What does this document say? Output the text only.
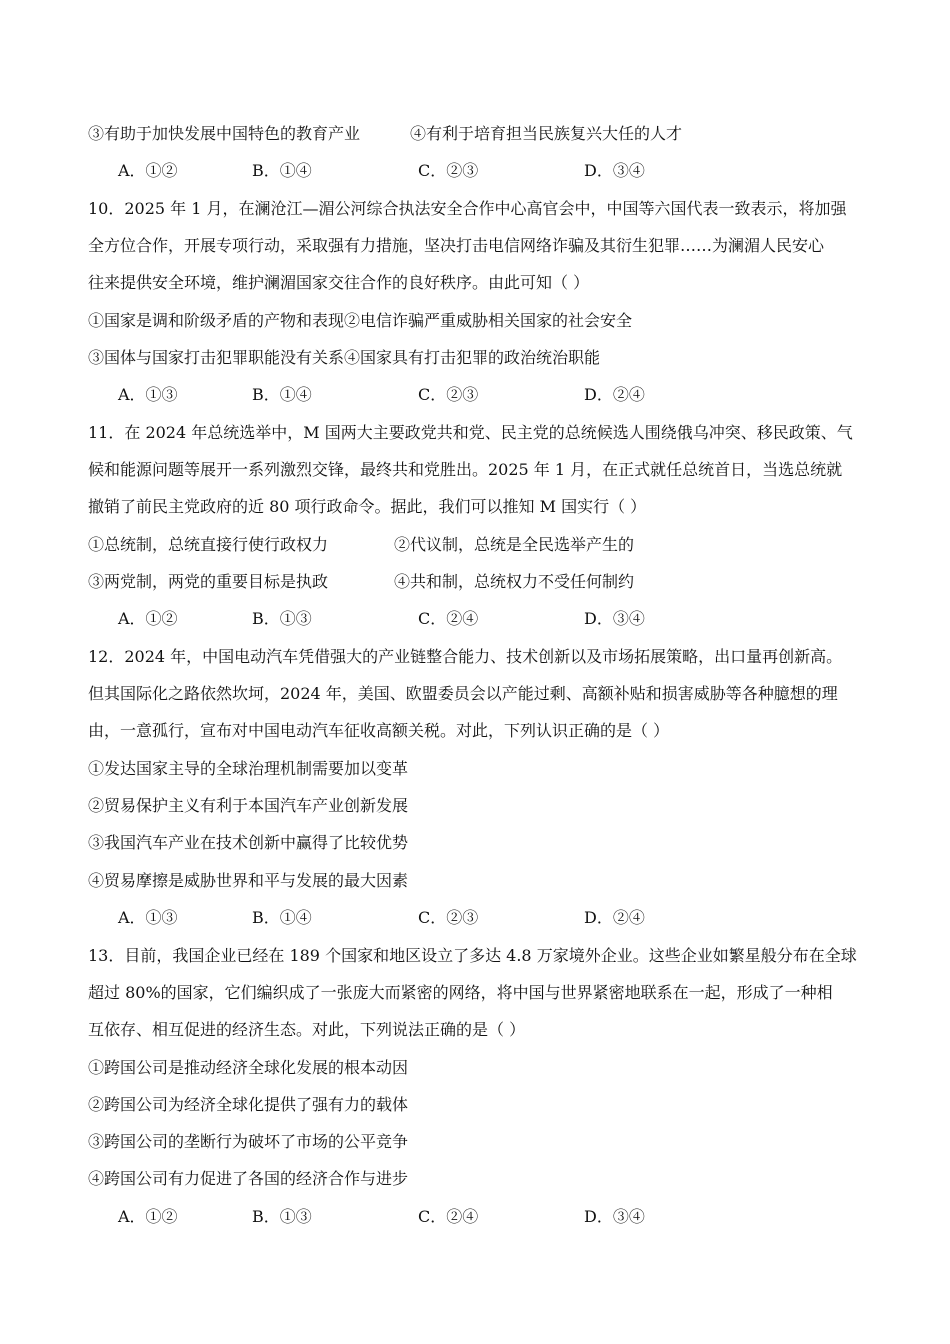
③有助于加快发展中国特色的教育产业	④有利于培育担当民族复兴大任的人才
A．①②	B．①④	C．②③	D．③④
10．2025 年 1 月，在澜沧江—湄公河综合执法安全合作中心高官会中，中国等六国代表一致表示，将加强
全方位合作，开展专项行动，采取强有力措施，坚决打击电信网络诈骗及其衍生犯罪……为澜湄人民安心
往来提供安全环境，维护澜湄国家交往合作的良好秩序。由此可知（ ）
①国家是调和阶级矛盾的产物和表现②电信诈骗严重威胁相关国家的社会安全
③国体与国家打击犯罪职能没有关系④国家具有打击犯罪的政治统治职能
A．①③	B．①④	C．②③	D．②④
11．在 2024 年总统选举中，M 国两大主要政党共和党、民主党的总统候选人围绕俄乌冲突、移民政策、气
候和能源问题等展开一系列激烈交锋，最终共和党胜出。2025 年 1 月，在正式就任总统首日，当选总统就
撤销了前民主党政府的近 80 项行政命令。据此，我们可以推知 M 国实行（ ）
①总统制，总统直接行使行政权力	②代议制，总统是全民选举产生的
③两党制，两党的重要目标是执政	④共和制，总统权力不受任何制约
A．①②	B．①③	C．②④	D．③④
12．2024 年，中国电动汽车凭借强大的产业链整合能力、技术创新以及市场拓展策略，出口量再创新高。
但其国际化之路依然坎坷，2024 年，美国、欧盟委员会以产能过剩、高额补贴和损害威胁等各种臆想的理
由，一意孤行，宣布对中国电动汽车征收高额关税。对此，下列认识正确的是（ ）
①发达国家主导的全球治理机制需要加以变革
②贸易保护主义有利于本国汽车产业创新发展
③我国汽车产业在技术创新中赢得了比较优势
④贸易摩擦是威胁世界和平与发展的最大因素
A．①③	B．①④	C．②③	D．②④
13．目前，我国企业已经在 189 个国家和地区设立了多达 4.8 万家境外企业。这些企业如繁星般分布在全球
超过 80%的国家，它们编织成了一张庞大而紧密的网络，将中国与世界紧密地联系在一起，形成了一种相
互依存、相互促进的经济生态。对此，下列说法正确的是（ ）
①跨国公司是推动经济全球化发展的根本动因
②跨国公司为经济全球化提供了强有力的载体
③跨国公司的垄断行为破坏了市场的公平竞争
④跨国公司有力促进了各国的经济合作与进步
A．①②	B．①③	C．②④	D．③④
